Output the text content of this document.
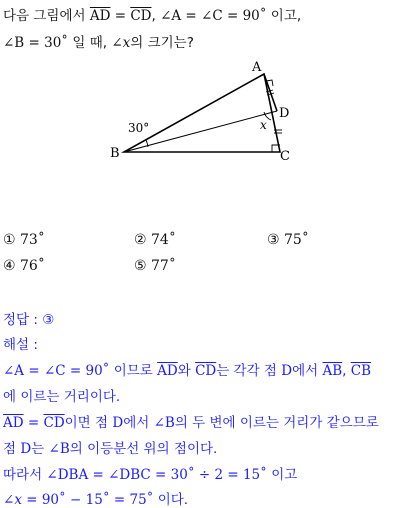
다음 그림에서 $\overline{AD} = \overline{CD}$, ∠A = ∠C = 90˚ 이고,
∠B = 30˚ 일 때, ∠x의 크기는?
A
B
D
C
30°	x
① 73˚	② 74˚	③ 75˚
④ 76˚	⑤ 77˚
정답 : ③
해설 :
∠A = ∠C = 90˚ 이므로 $\overline{AD}$와 $\overline{CD}$는 각각 점 D에서 $\overline{AB}$, $\overline{CB}$
에 이르는 거리이다.
$\overline{AD} = \overline{CD}$이면 점 D에서 ∠B의 두 변에 이르는 거리가 같으므로
점 D는 ∠B의 이등분선 위의 점이다.
따라서 ∠DBA = ∠DBC = 30˚ ÷ 2 = 15˚ 이고
∠x = 90˚ − 15˚ = 75˚ 이다.
